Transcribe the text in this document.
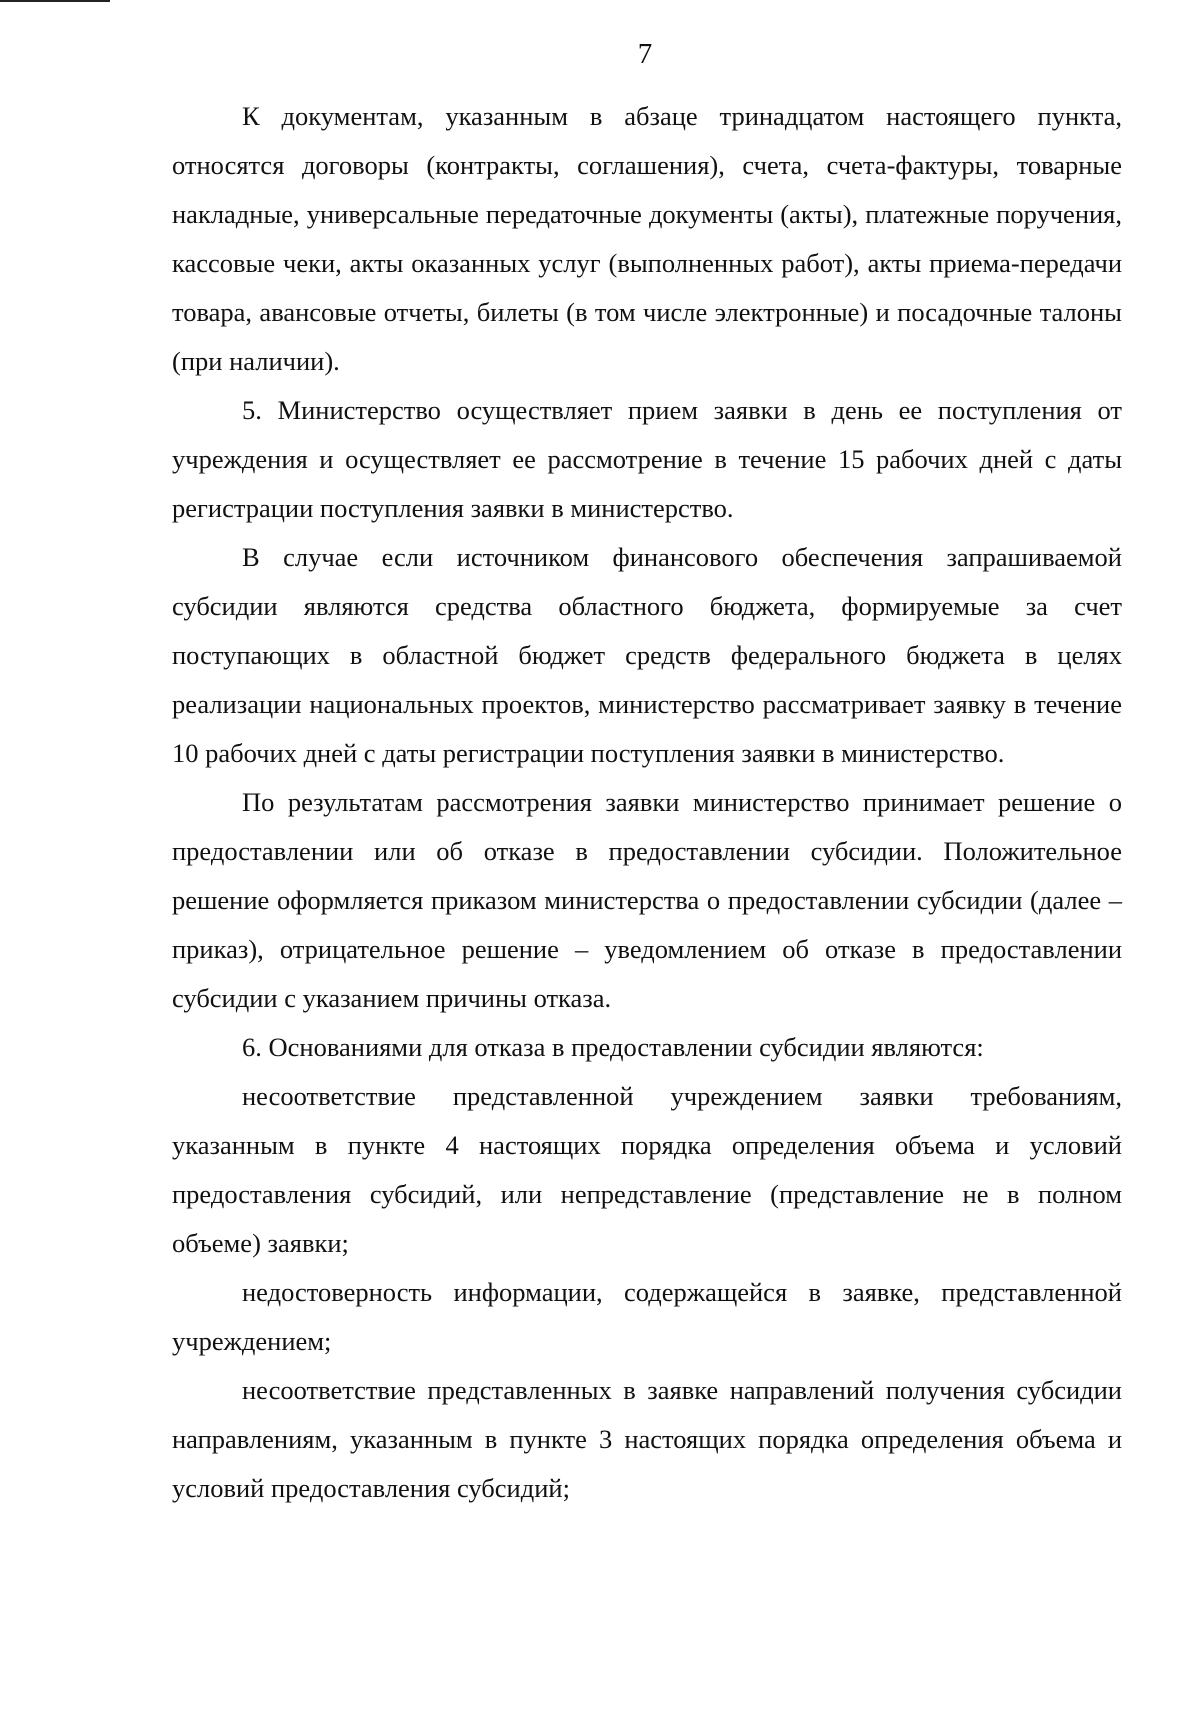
7

К документам, указанным в абзаце тринадцатом настоящего пункта, относятся договоры (контракты, соглашения), счета, счета-фактуры, товарные накладные, универсальные передаточные документы (акты), платежные поручения, кассовые чеки, акты оказанных услуг (выполненных работ), акты приема-передачи товара, авансовые отчеты, билеты (в том числе электронные) и посадочные талоны (при наличии).

5. Министерство осуществляет прием заявки в день ее поступления от учреждения и осуществляет ее рассмотрение в течение 15 рабочих дней с даты регистрации поступления заявки в министерство.

В случае если источником финансового обеспечения запрашиваемой субсидии являются средства областного бюджета, формируемые за счет поступающих в областной бюджет средств федерального бюджета в целях реализации национальных проектов, министерство рассматривает заявку в течение 10 рабочих дней с даты регистрации поступления заявки в министерство.

По результатам рассмотрения заявки министерство принимает решение о предоставлении или об отказе в предоставлении субсидии. Положительное решение оформляется приказом министерства о предоставлении субсидии (далее – приказ), отрицательное решение – уведомлением об отказе в предоставлении субсидии с указанием причины отказа.

6. Основаниями для отказа в предоставлении субсидии являются:

несоответствие представленной учреждением заявки требованиям, указанным в пункте 4 настоящих порядка определения объема и условий предоставления субсидий, или непредставление (представление не в полном объеме) заявки;

недостоверность информации, содержащейся в заявке, представленной учреждением;

несоответствие представленных в заявке направлений получения субсидии направлениям, указанным в пункте 3 настоящих порядка определения объема и условий предоставления субсидий;
